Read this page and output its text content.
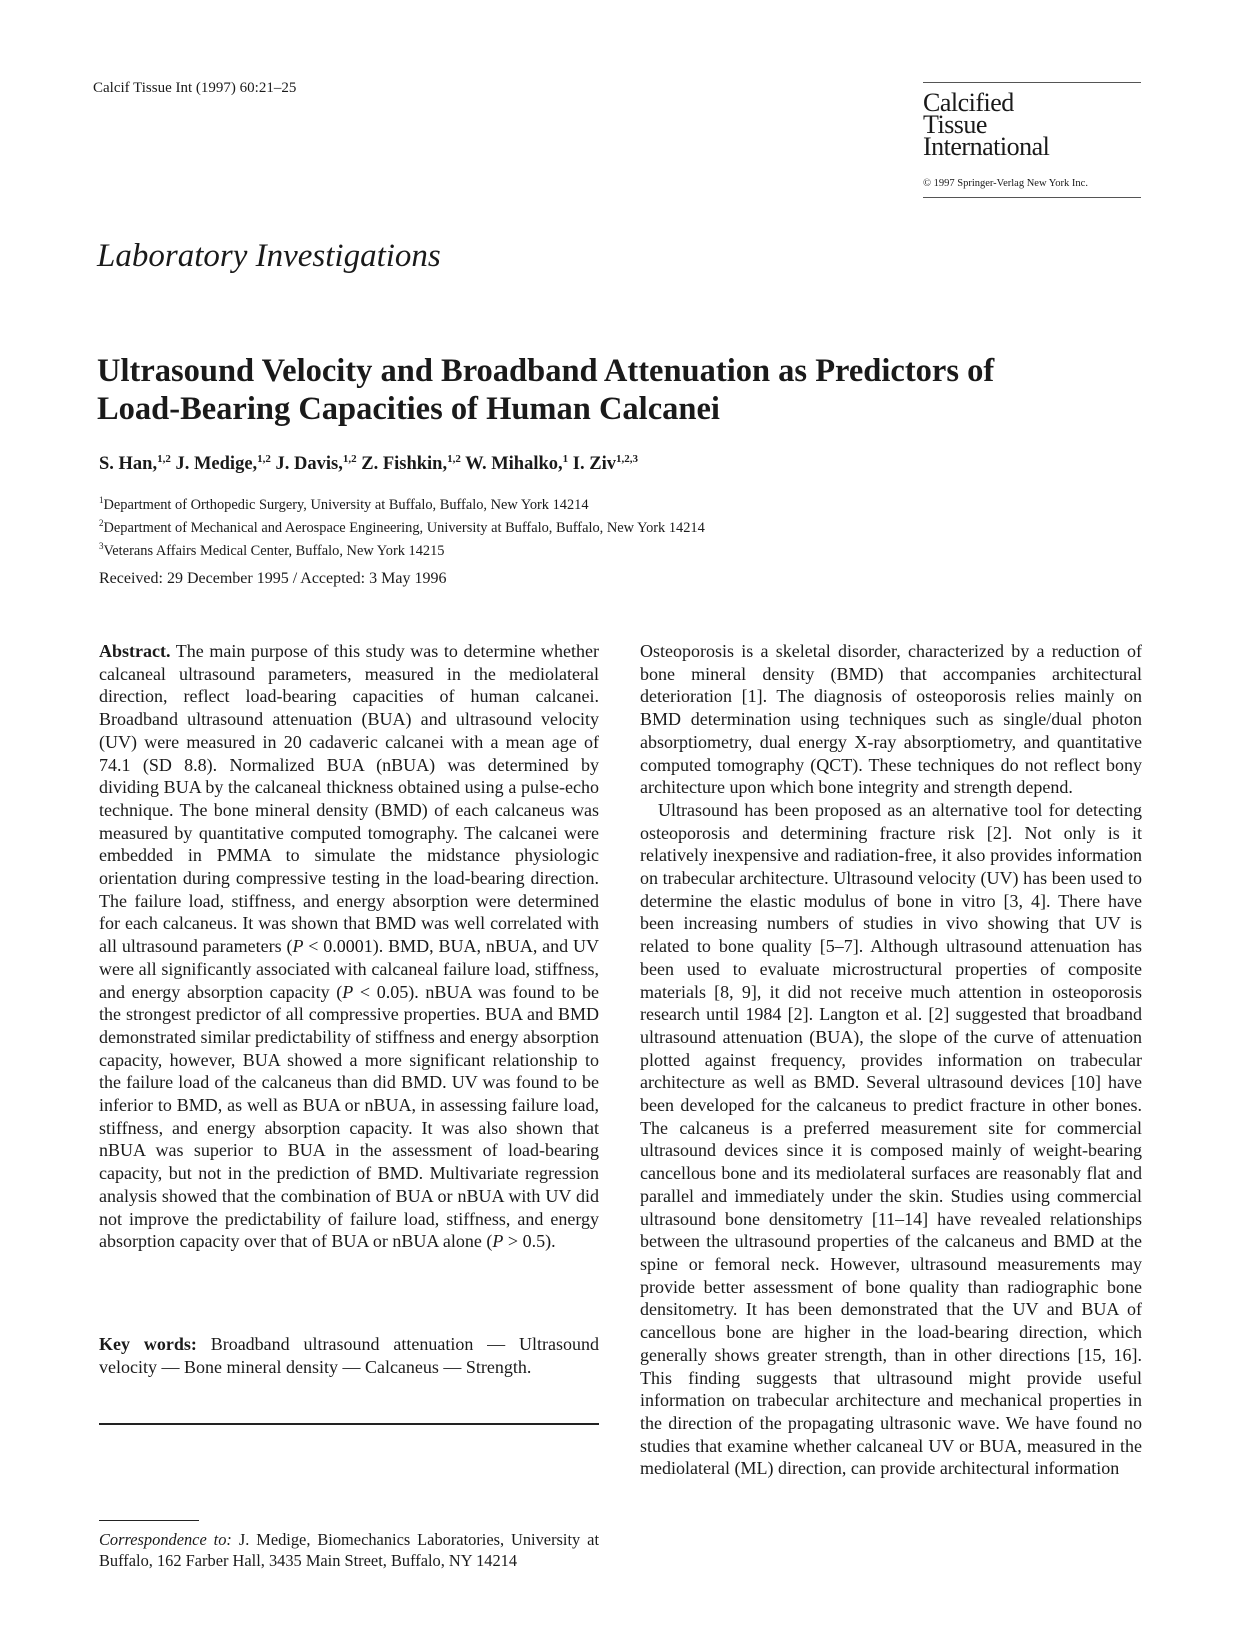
Calcif Tissue Int (1997) 60:21–25	Calcified
Tissue
International
© 1997 Springer-Verlag New York Inc.
Laboratory Investigations
Ultrasound Velocity and Broadband Attenuation as Predictors of
Load-Bearing Capacities of Human Calcanei
S. Han,$^{1,2}$ J. Medige,$^{1,2}$ J. Davis,$^{1,2}$ Z. Fishkin,$^{1,2}$ W. Mihalko,$^1$ I. Ziv$^{1,2,3}$
$^1$Department of Orthopedic Surgery, University at Buffalo, Buffalo, New York 14214
$^2$Department of Mechanical and Aerospace Engineering, University at Buffalo, Buffalo, New York 14214
$^3$Veterans Affairs Medical Center, Buffalo, New York 14215
Received: 29 December 1995 / Accepted: 3 May 1996

Abstract. The main purpose of this study was to determine whether calcaneal ultrasound parameters, measured in the mediolateral direction, reflect load-bearing capacities of human calcanei. Broadband ultrasound attenuation (BUA) and ultrasound velocity (UV) were measured in 20 cadaveric calcanei with a mean age of 74.1 (SD 8.8). Normalized BUA (nBUA) was determined by dividing BUA by the calcaneal thickness obtained using a pulse-echo technique. The bone mineral density (BMD) of each calcaneus was measured by quantitative computed tomography. The calcanei were embedded in PMMA to simulate the midstance physiologic orientation during compressive testing in the load-bearing direction. The failure load, stiffness, and energy absorption were determined for each calcaneus. It was shown that BMD was well correlated with all ultrasound parameters (P < 0.0001). BMD, BUA, nBUA, and UV were all significantly associated with calcaneal failure load, stiffness, and energy absorption capacity (P < 0.05). nBUA was found to be the strongest predictor of all compressive properties. BUA and BMD demonstrated similar predictability of stiffness and energy absorption capacity, however, BUA showed a more significant relationship to the failure load of the calcaneus than did BMD. UV was found to be inferior to BMD, as well as BUA or nBUA, in assessing failure load, stiffness, and energy absorption capacity. It was also shown that nBUA was superior to BUA in the assessment of load-bearing capacity, but not in the prediction of BMD. Multivariate regression analysis showed that the combination of BUA or nBUA with UV did not improve the predictability of failure load, stiffness, and energy absorption capacity over that of BUA or nBUA alone (P > 0.5).

Key words: Broadband ultrasound attenuation — Ultrasound velocity — Bone mineral density — Calcaneus — Strength.

Correspondence to: J. Medige, Biomechanics Laboratories, University at Buffalo, 162 Farber Hall, 3435 Main Street, Buffalo, NY 14214

Osteoporosis is a skeletal disorder, characterized by a reduction of bone mineral density (BMD) that accompanies architectural deterioration [1]. The diagnosis of osteoporosis relies mainly on BMD determination using techniques such as single/dual photon absorptiometry, dual energy X-ray absorptiometry, and quantitative computed tomography (QCT). These techniques do not reflect bony architecture upon which bone integrity and strength depend.

Ultrasound has been proposed as an alternative tool for detecting osteoporosis and determining fracture risk [2]. Not only is it relatively inexpensive and radiation-free, it also provides information on trabecular architecture. Ultrasound velocity (UV) has been used to determine the elastic modulus of bone in vitro [3, 4]. There have been increasing numbers of studies in vivo showing that UV is related to bone quality [5–7]. Although ultrasound attenuation has been used to evaluate microstructural properties of composite materials [8, 9], it did not receive much attention in osteoporosis research until 1984 [2]. Langton et al. [2] suggested that broadband ultrasound attenuation (BUA), the slope of the curve of attenuation plotted against frequency, provides information on trabecular architecture as well as BMD. Several ultrasound devices [10] have been developed for the calcaneus to predict fracture in other bones. The calcaneus is a preferred measurement site for commercial ultrasound devices since it is composed mainly of weight-bearing cancellous bone and its mediolateral surfaces are reasonably flat and parallel and immediately under the skin. Studies using commercial ultrasound bone densitometry [11–14] have revealed relationships between the ultrasound properties of the calcaneus and BMD at the spine or femoral neck. However, ultrasound measurements may provide better assessment of bone quality than radiographic bone densitometry. It has been demonstrated that the UV and BUA of cancellous bone are higher in the load-bearing direction, which generally shows greater strength, than in other directions [15, 16]. This finding suggests that ultrasound might provide useful information on trabecular architecture and mechanical properties in the direction of the propagating ultrasonic wave. We have found no studies that examine whether calcaneal UV or BUA, measured in the mediolateral (ML) direction, can provide architectural information
